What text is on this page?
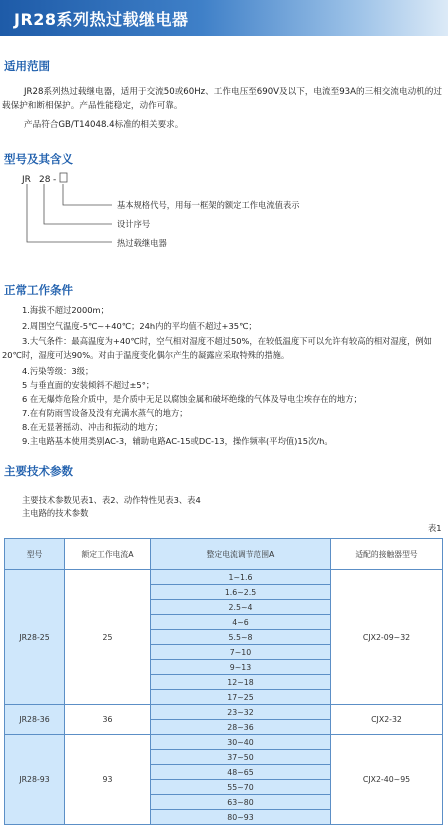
JR28系列热过载继电器
适用范围
JR28系列热过载继电器，适用于交流50或60Hz、工作电压至690V及以下，电流至93A的三相交流电动机的过载保护和断相保护。产品性能稳定，动作可靠。
产品符合GB/T14048.4标准的相关要求。
型号及其含义
JR 28 -
基本规格代号，用每一框架的额定工作电流值表示
设计序号
热过载继电器
正常工作条件
1.海拔不超过2000m；
2.周围空气温度-5℃~+40℃；24h内的平均值不超过+35℃；
3.大气条件：最高温度为+40℃时，空气相对湿度不超过50%，在较低温度下可以允许有较高的相对湿度，例如20℃时，湿度可达90%。对由于温度变化偶尔产生的凝露应采取特殊的措施。
4.污染等级：3级；
5 与垂直面的安装倾斜不超过±5°；
6 在无爆炸危险介质中，是介质中无足以腐蚀金属和破坏绝缘的气体及导电尘埃存在的地方；
7.在有防雨雪设备及没有充满水蒸气的地方；
8.在无显著摇动、冲击和振动的地方；
9.主电路基本使用类别AC-3，辅助电路AC-15或DC-13，操作频率(平均值)15次/h。
主要技术参数
主要技术参数见表1、表2、动作特性见表3、表4
主电路的技术参数
表1
型号	额定工作电流A	整定电流调节范围A	适配的接触器型号
JR28-25	25	1~1.6	CJX2-09~32
		1.6~2.5	
		2.5~4	
		4~6	
		5.5~8	
		7~10	
		9~13	
		12~18	
		17~25	
JR28-36	36	23~32	CJX2-32
		28~36	
JR28-93	93	30~40	CJX2-40~95
		37~50	
		48~65	
		55~70	
		63~80	
		80~93	
